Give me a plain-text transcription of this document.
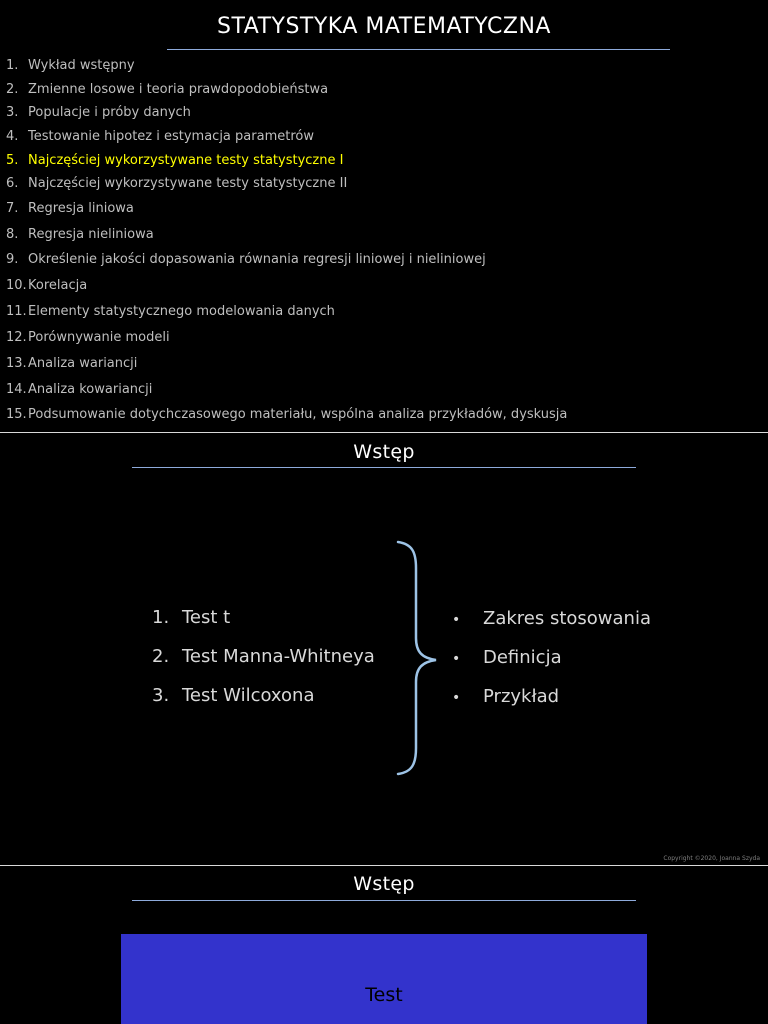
STATYSTYKA MATEMATYCZNA
1. Wykład wstępny
2. Zmienne losowe i teoria prawdopodobieństwa
3. Populacje i próby danych
4. Testowanie hipotez i estymacja parametrów
5. Najczęściej wykorzystywane testy statystyczne I
6. Najczęściej wykorzystywane testy statystyczne II
7. Regresja liniowa
8. Regresja nieliniowa
9. Określenie jakości dopasowania równania regresji liniowej i nieliniowej
10.Korelacja
11.Elementy statystycznego modelowania danych
12.Porównywanie modeli
13.Analiza wariancji
14.Analiza kowariancji
15.Podsumowanie dotychczasowego materiału, wspólna analiza przykładów, dyskusja
Wstęp
1. Test t
2. Test Manna-Whitneya
3. Test Wilcoxona
• Zakres stosowania
• Definicja
• Przykład
Copyright ©2020, Joanna Szyda
Wstęp
Test
